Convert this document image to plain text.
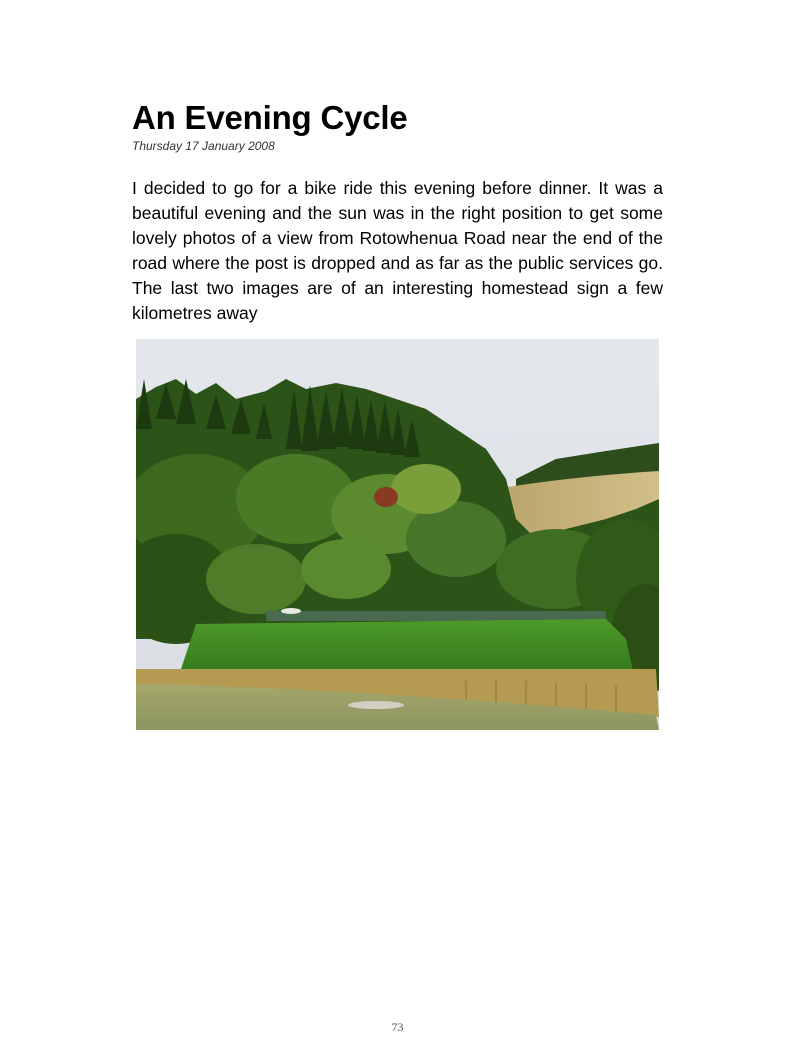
An Evening Cycle
Thursday 17 January 2008

I decided to go for a bike ride this evening before dinner. It was a beautiful evening and the sun was in the right position to get some lovely photos of a view from Rotowhenua Road near the end of the road where the post is dropped and as far as the public services go. The last two images are of an interesting homestead sign a few kilometres away

73
